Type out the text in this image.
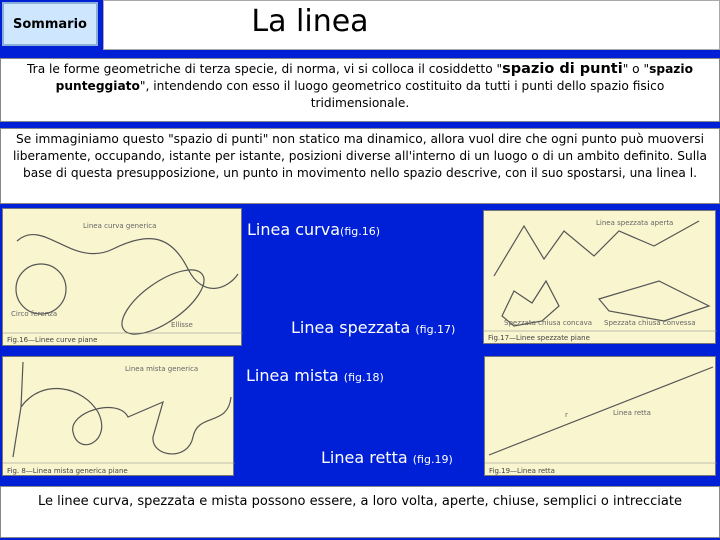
Sommario	La linea
Tra le forme geometriche di terza specie, di norma, vi si colloca il cosiddetto "spazio di punti" o "spazio punteggiato", intendendo con esso il luogo geometrico costituito da tutti i punti dello spazio fisico tridimensionale.
Se immaginiamo questo "spazio di punti" non statico ma dinamico, allora vuol dire che ogni punto può muoversi liberamente, occupando, istante per istante, posizioni diverse all'interno di un luogo o di un ambito definito. Sulla base di questa presupposizione, un punto in movimento nello spazio descrive, con il suo spostarsi, una linea l.
Linea curva generica
Circo ferenza
Ellisse
Fig.16—Linee curve piane
Linea spezzata aperta
Spezzata chiusa concava Spezzata chiusa convessa
Fig.17—Linee spezzate piane
Linea mista generica
Fig. 8—Linea mista generica piane
r	Linea retta
Fig.19—Linea retta
Linea curva(fig.16)
Linea spezzata (fig.17)
Linea mista (fig.18)
Linea retta (fig.19)
Le linee curva, spezzata e mista possono essere, a loro volta, aperte, chiuse, semplici o intrecciate
